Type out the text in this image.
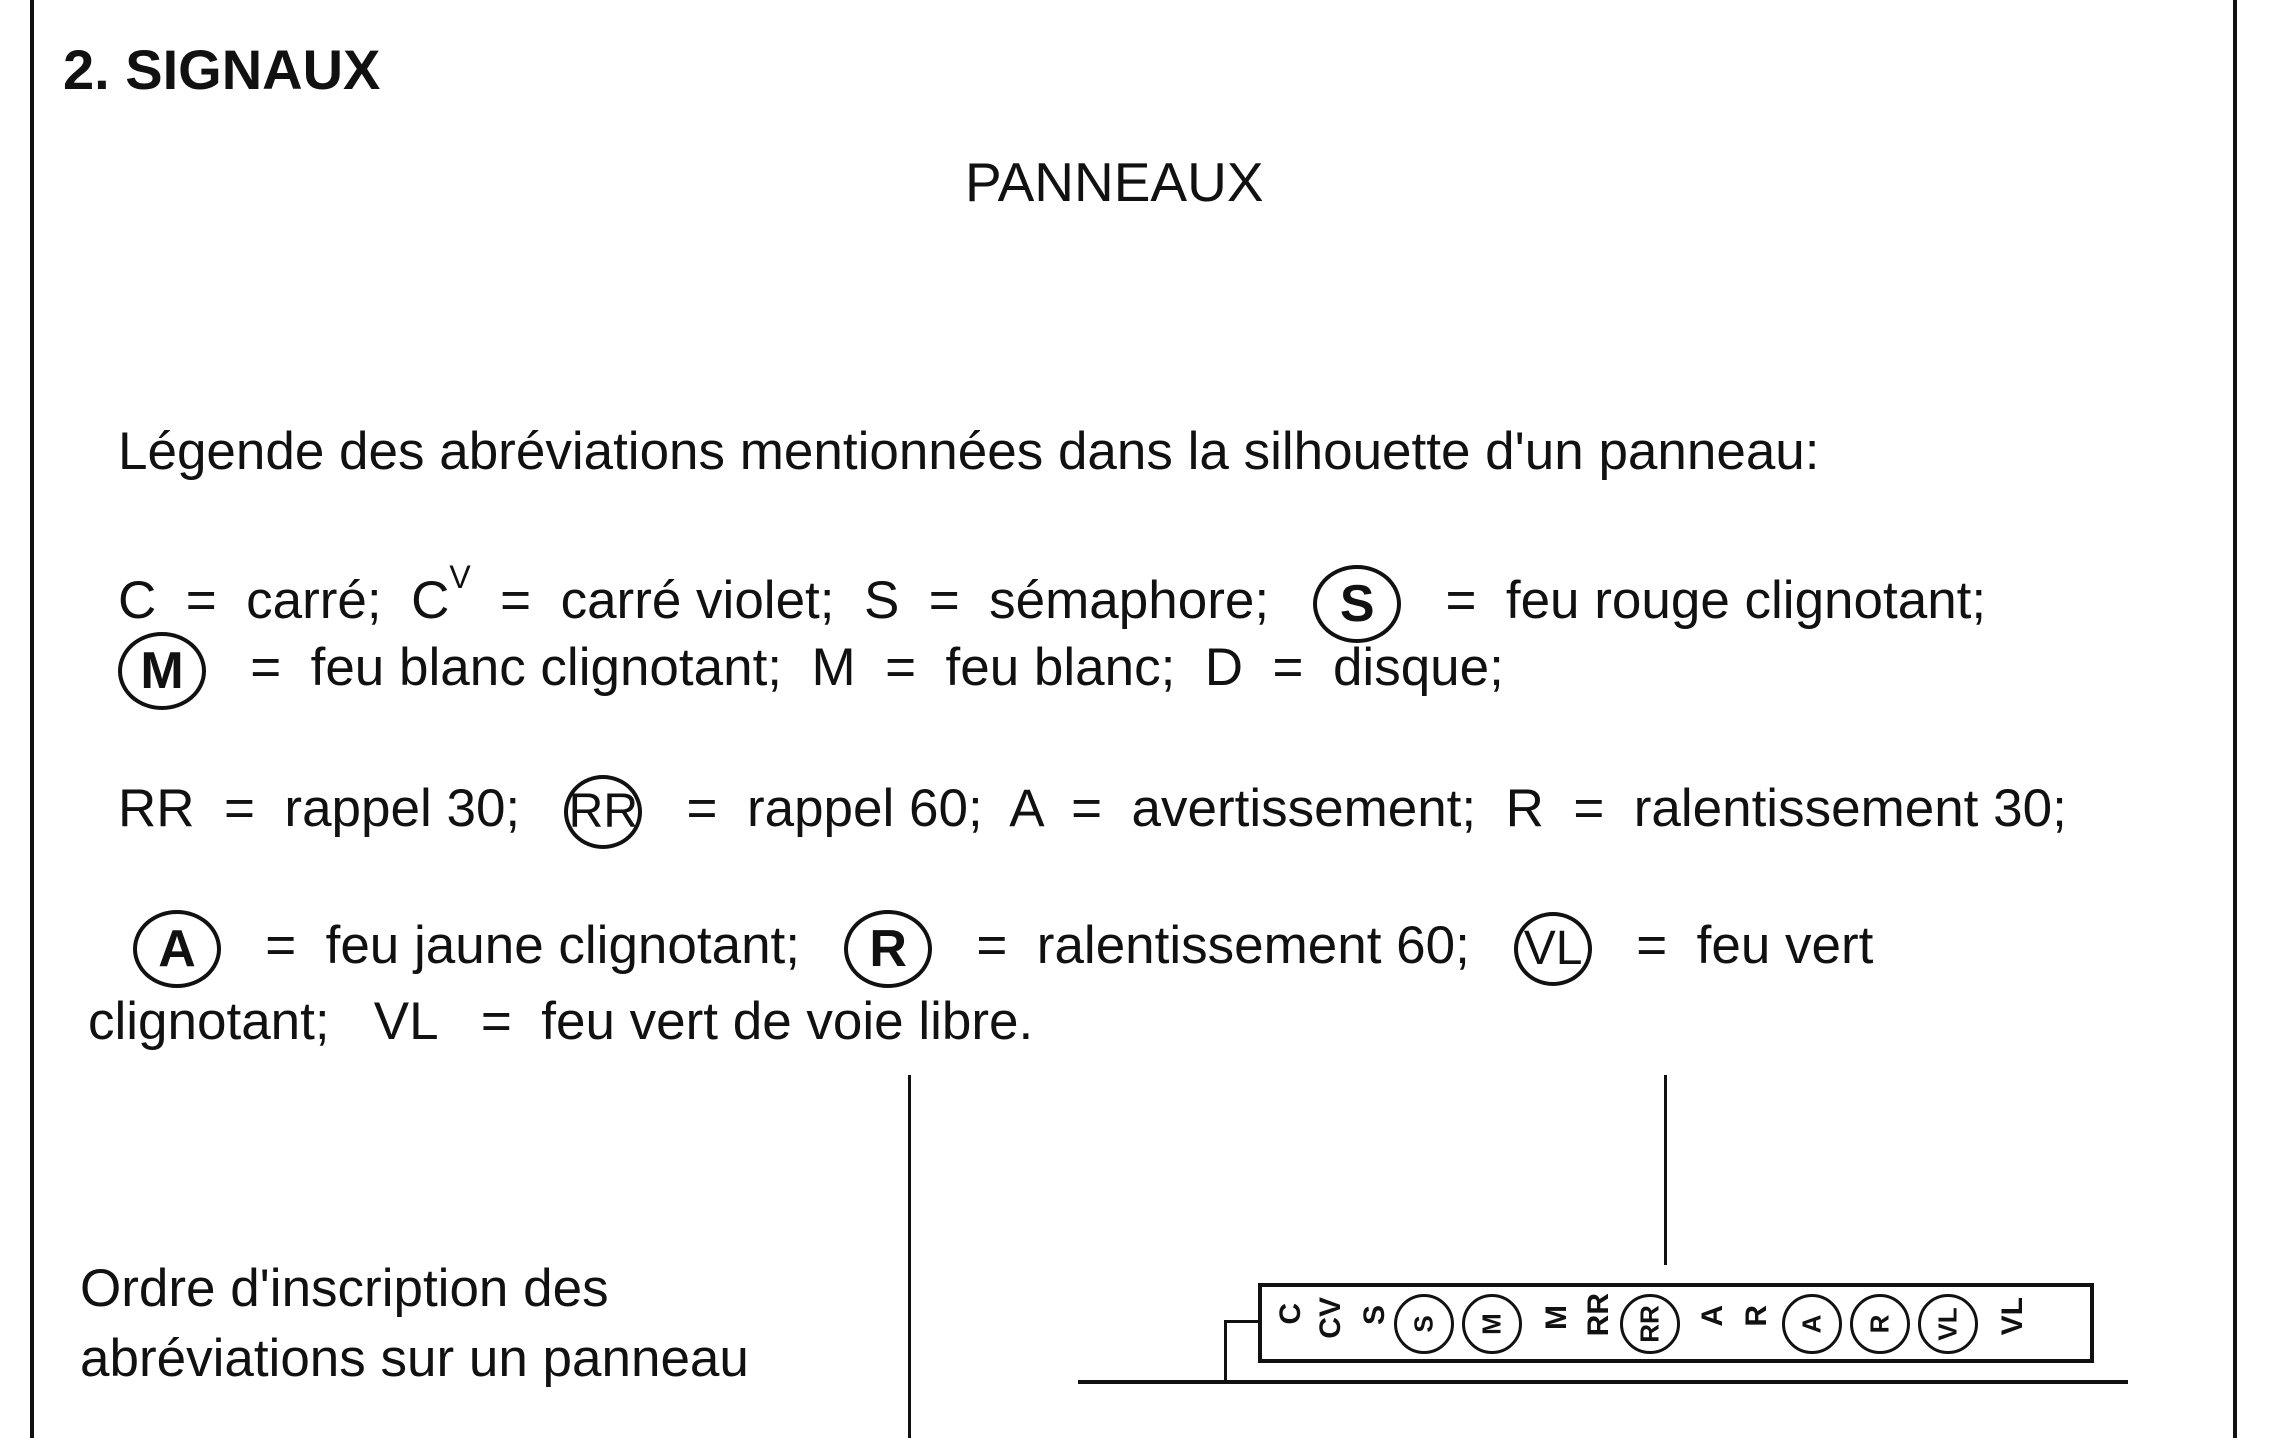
2. SIGNAUX
PANNEAUX
Légende des abréviations mentionnées dans la silhouette d'un panneau:
C = carré; $C^V$ = carré violet; S = sémaphore; S = feu rouge clignotant;
M = feu blanc clignotant; M = feu blanc; D = disque;
RR = rappel 30; RR = rappel 60; A = avertissement; R = ralentissement 30;
A = feu jaune clignotant; R = ralentissement 60; VL = feu vert
clignotant; VL = feu vert de voie libre.
Ordre d'inscription des
abréviations sur un panneau
C CV S S M M RR RR A R A R VL VL
